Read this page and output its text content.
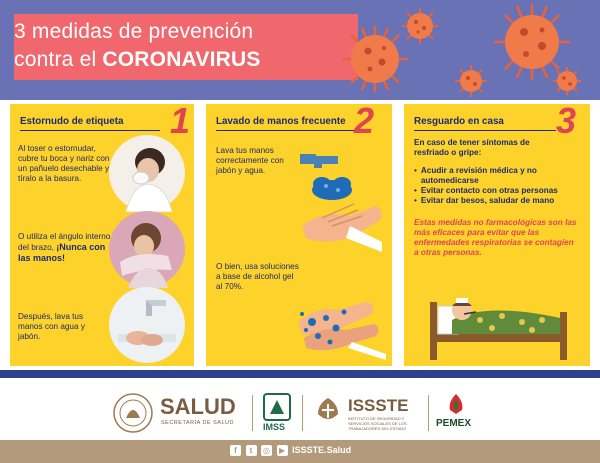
3 medidas de prevención
contra el CORONAVIRUS
Estornudo de etiqueta 1
Al toser o estornudar, cubre tu boca y nariz con un pañuelo desechable y tíralo a la basura.
O utiliza el ángulo interno del brazo, ¡Nunca con las manos!
Después, lava tus manos con agua y jabón.
Lavado de manos frecuente 2
Lava tus manos correctamente con jabón y agua.
O bien, usa soluciones a base de alcohol gel al 70%.
Resguardo en casa 3
En caso de tener síntomas de resfriado o gripe:
• Acudir a revisión médica y no automedicarse
• Evitar contacto con otras personas
• Evitar dar besos, saludar de mano
Estas medidas no farmacológicas son las más eficaces para evitar que las enfermedades respiratorias se contagien a otras personas.
SALUD
SECRETARÍA DE SALUD	IMSS
ISSSTE
INSTITUTO DE SEGURIDAD Y SERVICIOS SOCIALES DE LOS TRABAJADORES DEL ESTADO	PEMEX
f t ◎ ▶ ISSSTE.Salud
